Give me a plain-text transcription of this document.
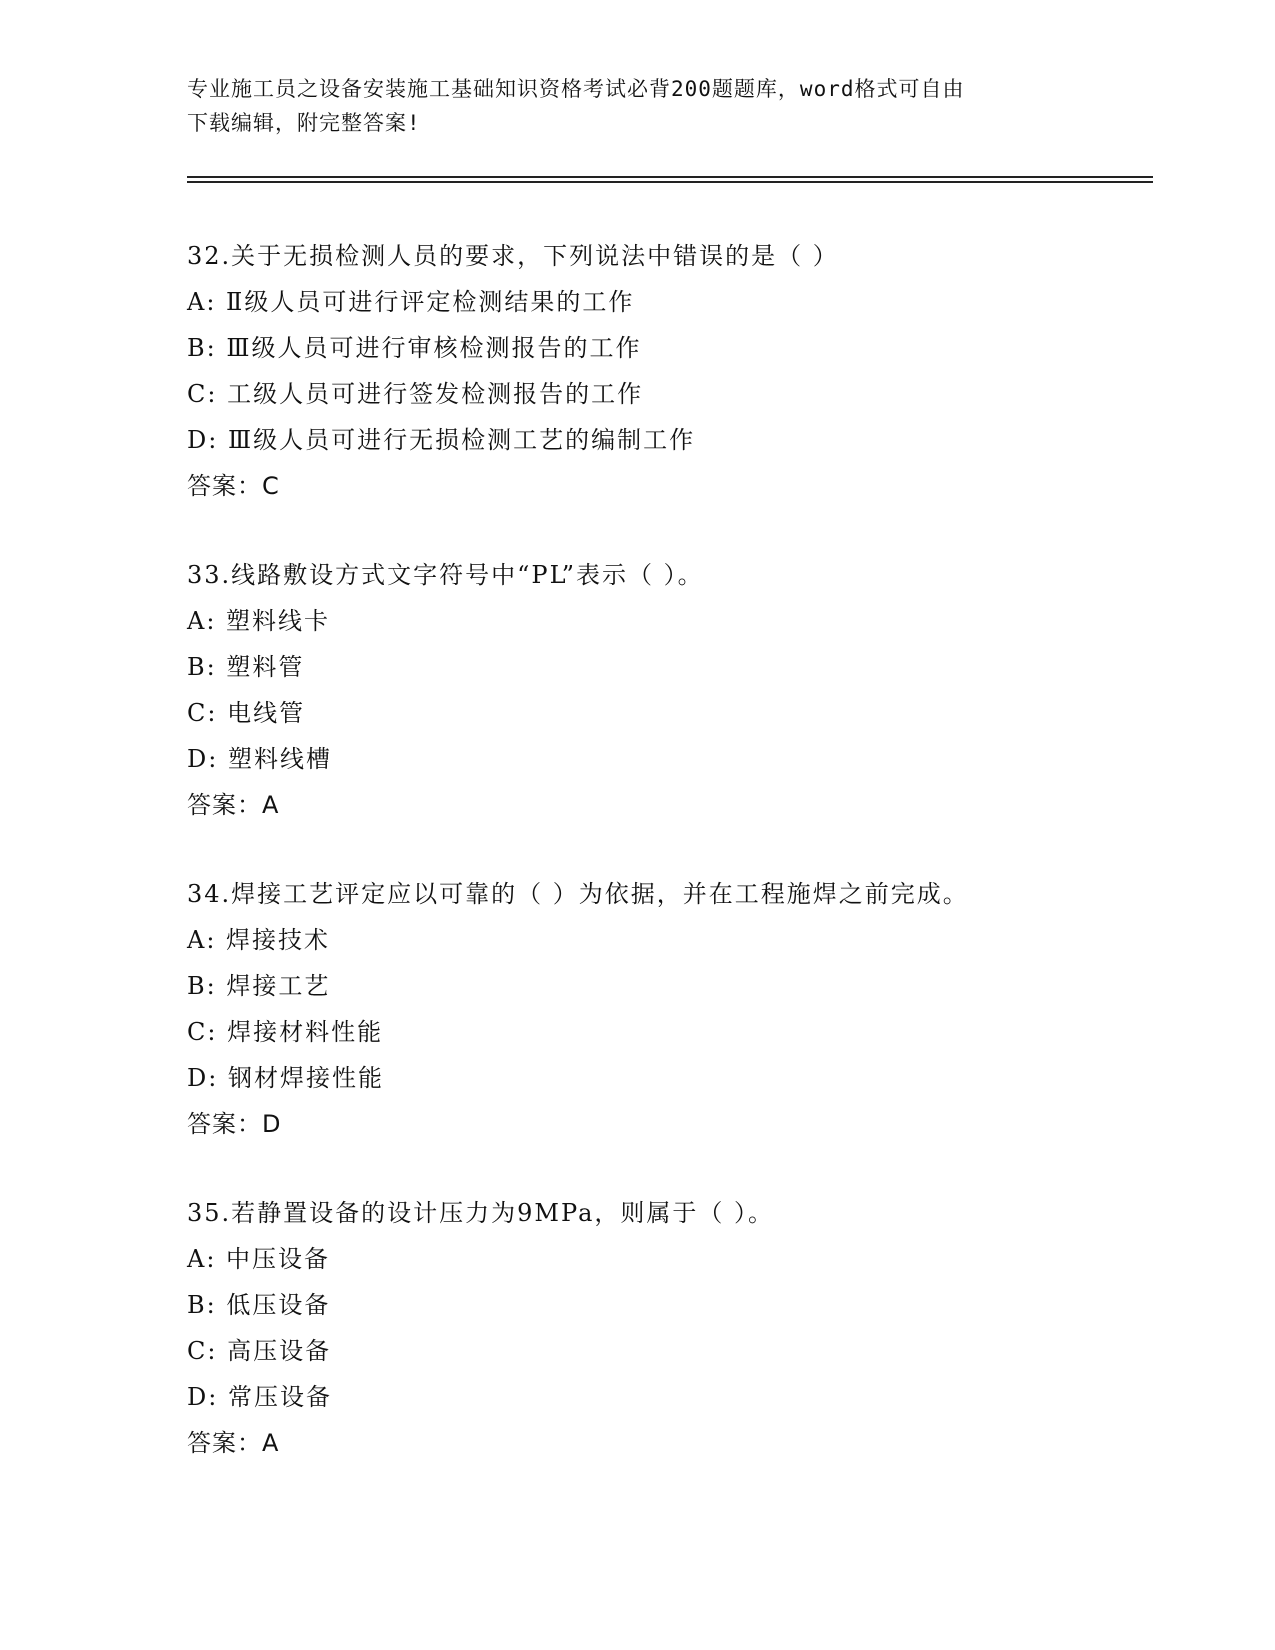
专业施工员之设备安装施工基础知识资格考试必背200题题库，word格式可自由
下载编辑，附完整答案!
32.关于无损检测人员的要求，下列说法中错误的是（ ）
A: Ⅱ级人员可进行评定检测结果的工作
B: Ⅲ级人员可进行审核检测报告的工作
C: 工级人员可进行签发检测报告的工作
D: Ⅲ级人员可进行无损检测工艺的编制工作
答案：C
33.线路敷设方式文字符号中“PL”表示（ ）。
A: 塑料线卡
B: 塑料管
C: 电线管
D: 塑料线槽
答案：A
34.焊接工艺评定应以可靠的（ ）为依据，并在工程施焊之前完成。
A: 焊接技术
B: 焊接工艺
C: 焊接材料性能
D: 钢材焊接性能
答案：D
35.若静置设备的设计压力为9MPa，则属于（ ）。
A: 中压设备
B: 低压设备
C: 高压设备
D: 常压设备
答案：A
